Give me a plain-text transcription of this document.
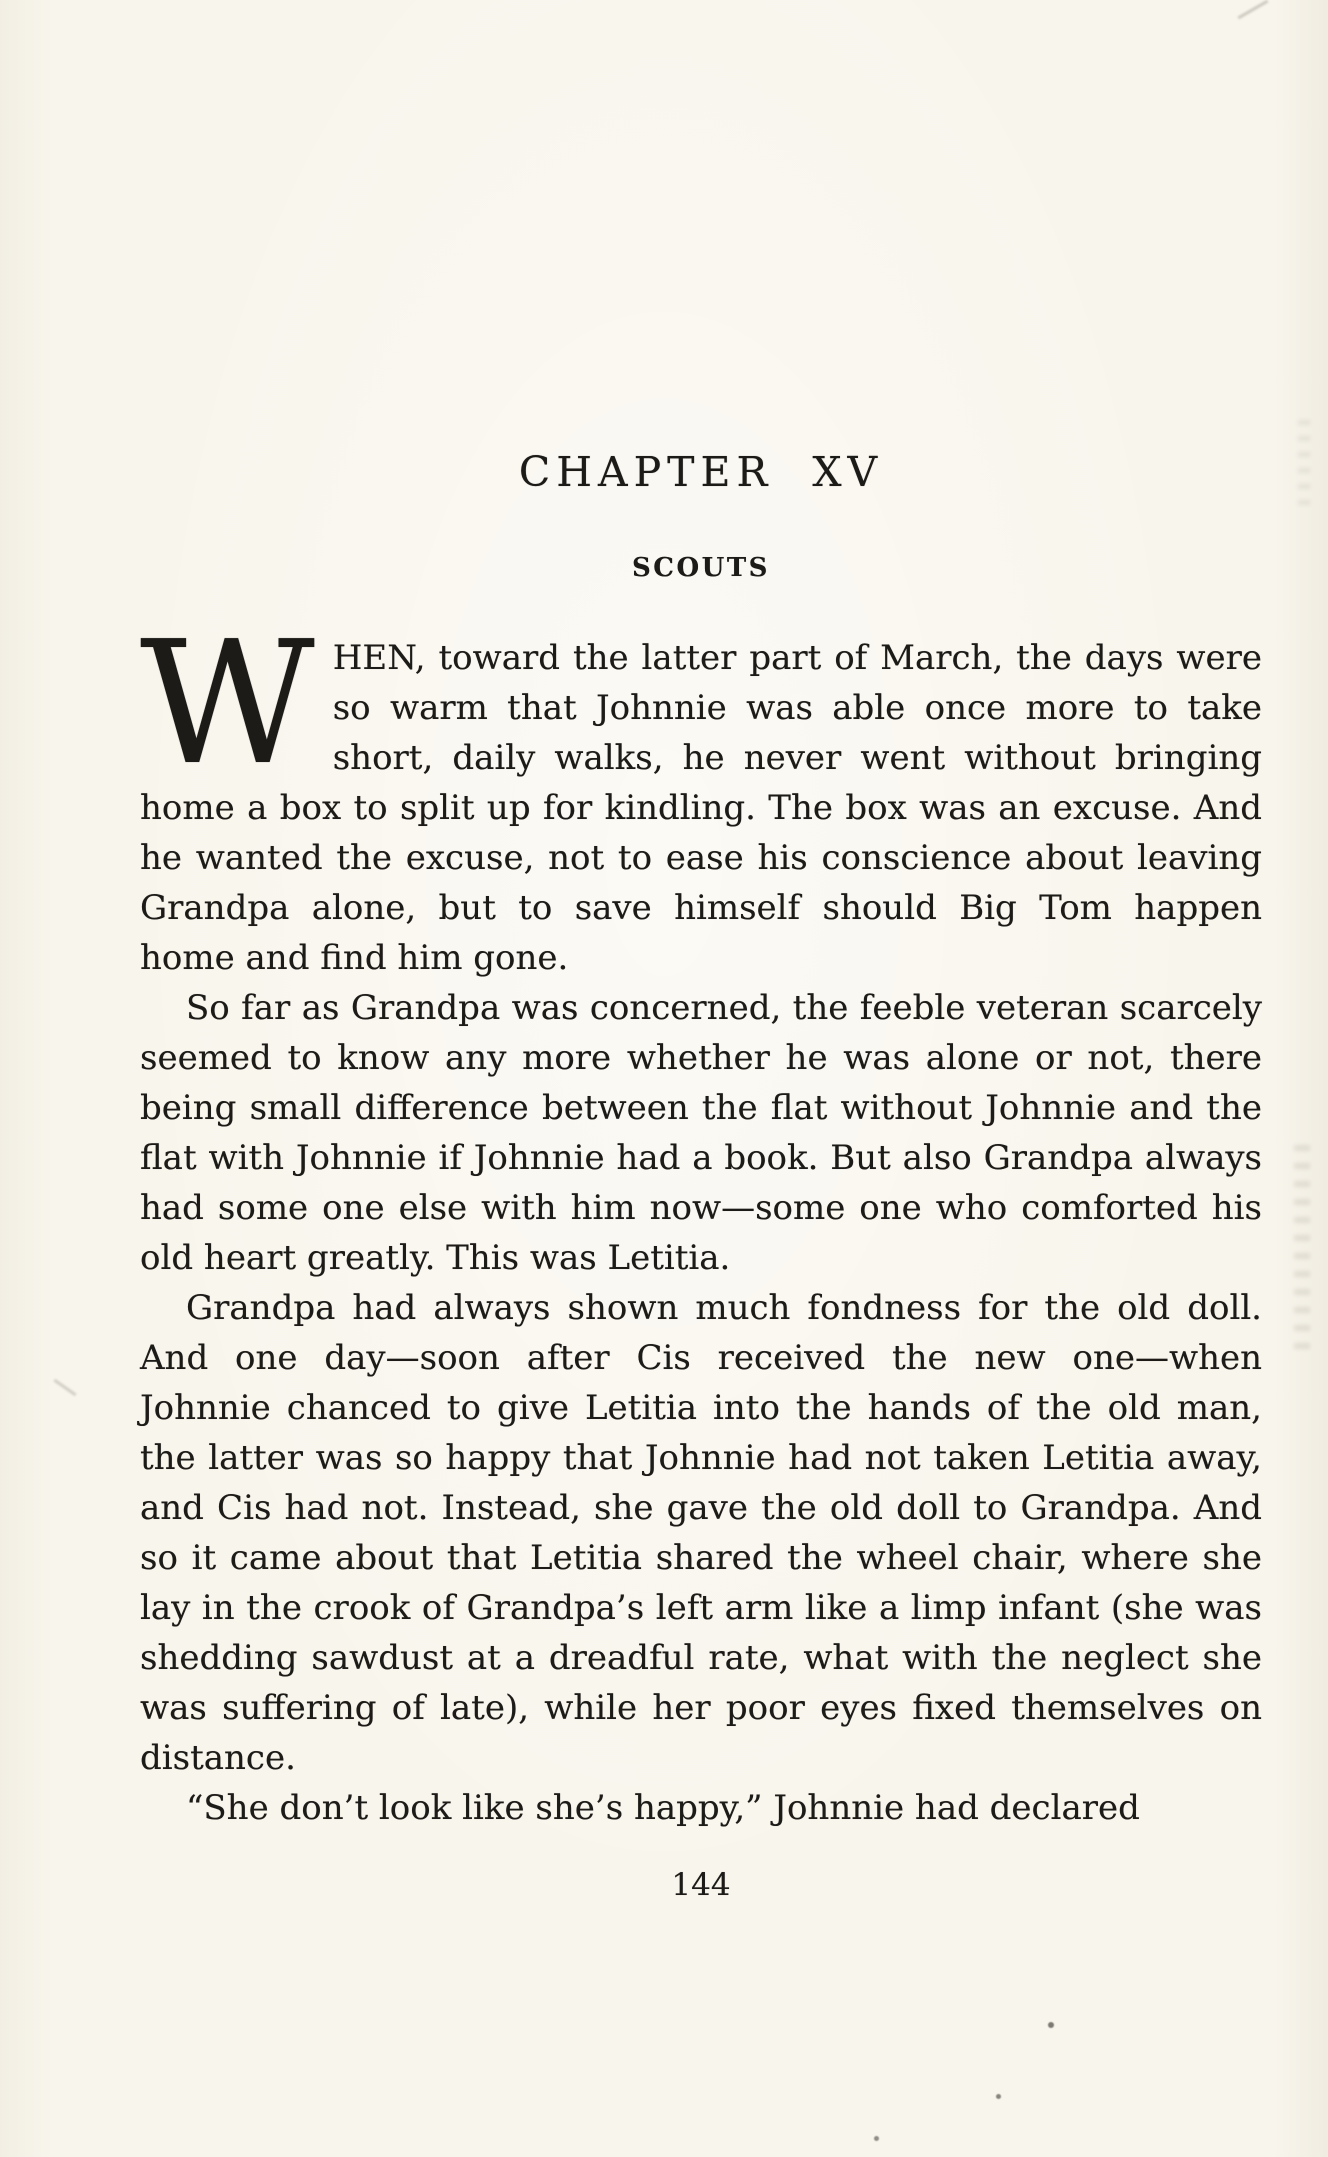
CHAPTER XV
SCOUTS

WHEN, toward the latter part of March, the days were so warm that Johnnie was able once more to take short, daily walks, he never went without bringing home a box to split up for kindling. The box was an excuse. And he wanted the excuse, not to ease his conscience about leaving Grandpa alone, but to save himself should Big Tom happen home and find him gone.

So far as Grandpa was concerned, the feeble veteran scarcely seemed to know any more whether he was alone or not, there being small difference between the flat without Johnnie and the flat with Johnnie if Johnnie had a book. But also Grandpa always had some one else with him now—some one who comforted his old heart greatly. This was Letitia.

Grandpa had always shown much fondness for the old doll. And one day—soon after Cis received the new one—when Johnnie chanced to give Letitia into the hands of the old man, the latter was so happy that Johnnie had not taken Letitia away, and Cis had not. Instead, she gave the old doll to Grandpa. And so it came about that Letitia shared the wheel chair, where she lay in the crook of Grandpa’s left arm like a limp infant (she was shedding sawdust at a dreadful rate, what with the neglect she was suffering of late), while her poor eyes fixed themselves on distance.

“She don’t look like she’s happy,” Johnnie had declared

144
